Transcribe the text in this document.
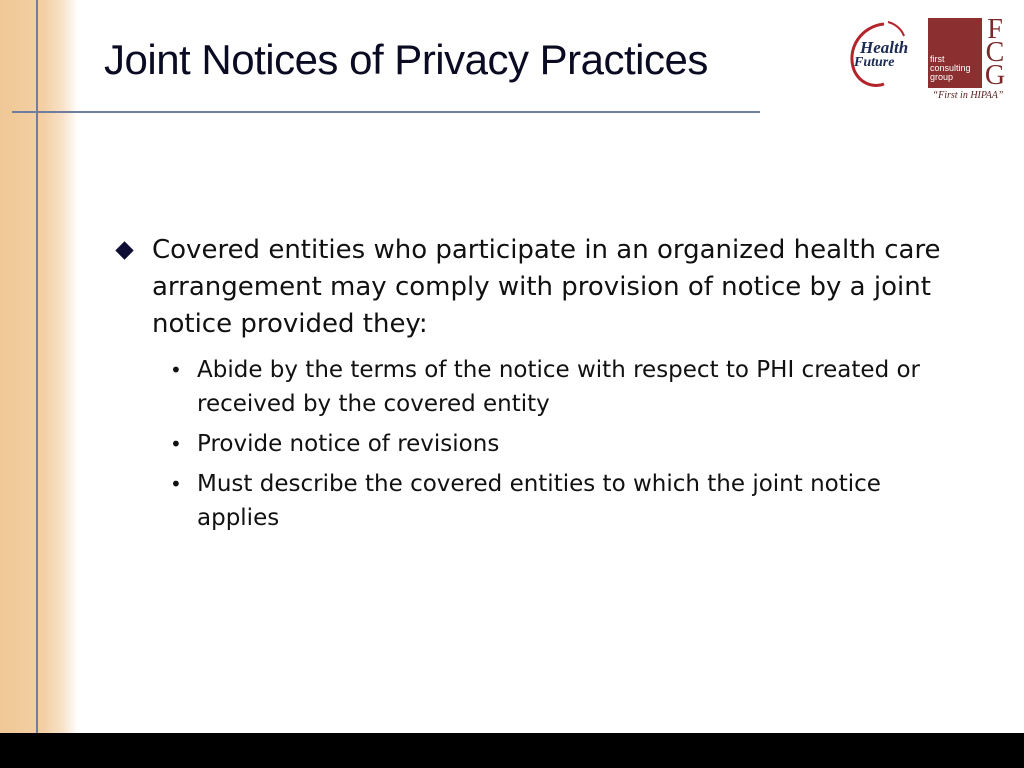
Joint Notices of Privacy Practices	Health
Future	first
consulting
group
F
C
G
“First in HIPAA”
Covered entities who participate in an organized health care arrangement may comply with provision of notice by a joint notice provided they:
• Abide by the terms of the notice with respect to PHI created or received by the covered entity
• Provide notice of revisions
• Must describe the covered entities to which the joint notice applies
